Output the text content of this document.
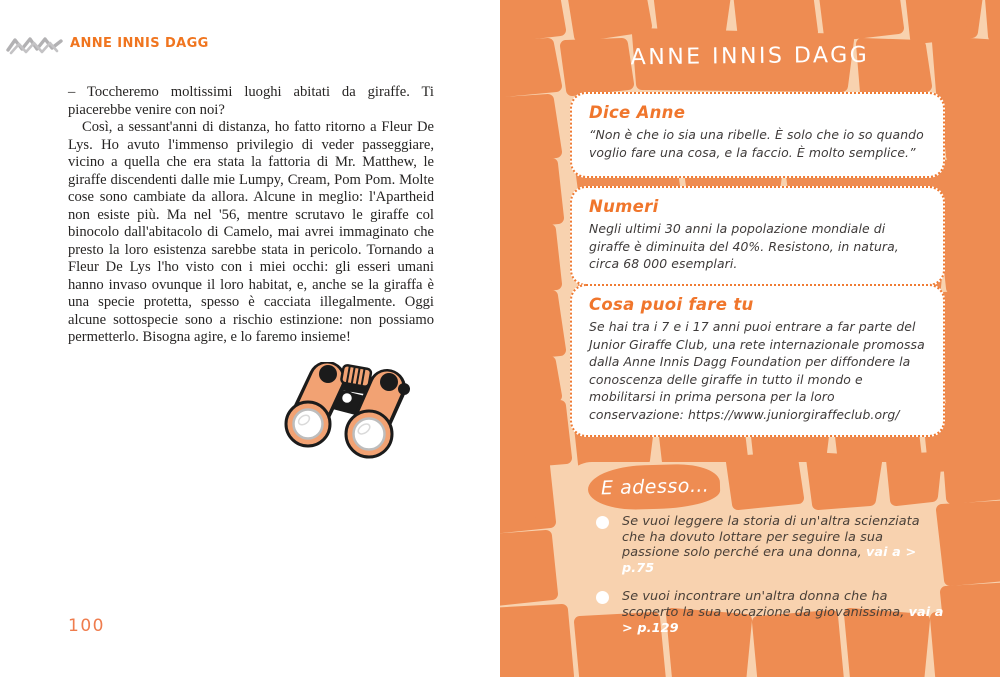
ANNE INNIS DAGG

– Toccheremo moltissimi luoghi abitati da giraffe. Ti piacerebbe venire con noi?

Così, a sessant'anni di distanza, ho fatto ritorno a Fleur De Lys. Ho avuto l'immenso privilegio di veder passeggiare, vicino a quella che era stata la fattoria di Mr. Matthew, le giraffe discendenti dalle mie Lumpy, Cream, Pom Pom. Molte cose sono cambiate da allora. Alcune in meglio: l'Apartheid non esiste più. Ma nel '56, mentre scrutavo le giraffe col binocolo dall'abitacolo di Camelo, mai avrei immaginato che presto la loro esistenza sarebbe stata in pericolo. Tornando a Fleur De Lys l'ho visto con i miei occhi: gli esseri umani hanno invaso ovunque il loro habitat, e, anche se la giraffa è una specie protetta, spesso è cacciata illegalmente. Oggi alcune sottospecie sono a rischio estinzione: non possiamo permetterlo. Bisogna agire, e lo faremo insieme!

100
ANNE INNIS DAGG
Dice Anne
“Non è che io sia una ribelle. È solo che io so quando voglio fare una cosa, e la faccio. È molto semplice.”
Numeri
Negli ultimi 30 anni la popolazione mondiale di giraffe è diminuita del 40%. Resistono, in natura, circa 68 000 esemplari.
Cosa puoi fare tu
Se hai tra i 7 e i 17 anni puoi entrare a far parte del Junior Giraffe Club, una rete internazionale promossa dalla Anne Innis Dagg Foundation per diffondere la conoscenza delle giraffe in tutto il mondo e mobilitarsi in prima persona per la loro conservazione: https://www.juniorgiraffeclub.org/
E adesso…
Se vuoi leggere la storia di un'altra scienziata che ha dovuto lottare per seguire la sua passione solo perché era una donna, vai a > p.75
Se vuoi incontrare un'altra donna che ha scoperto la sua vocazione da giovanissima, vai a > p.129
